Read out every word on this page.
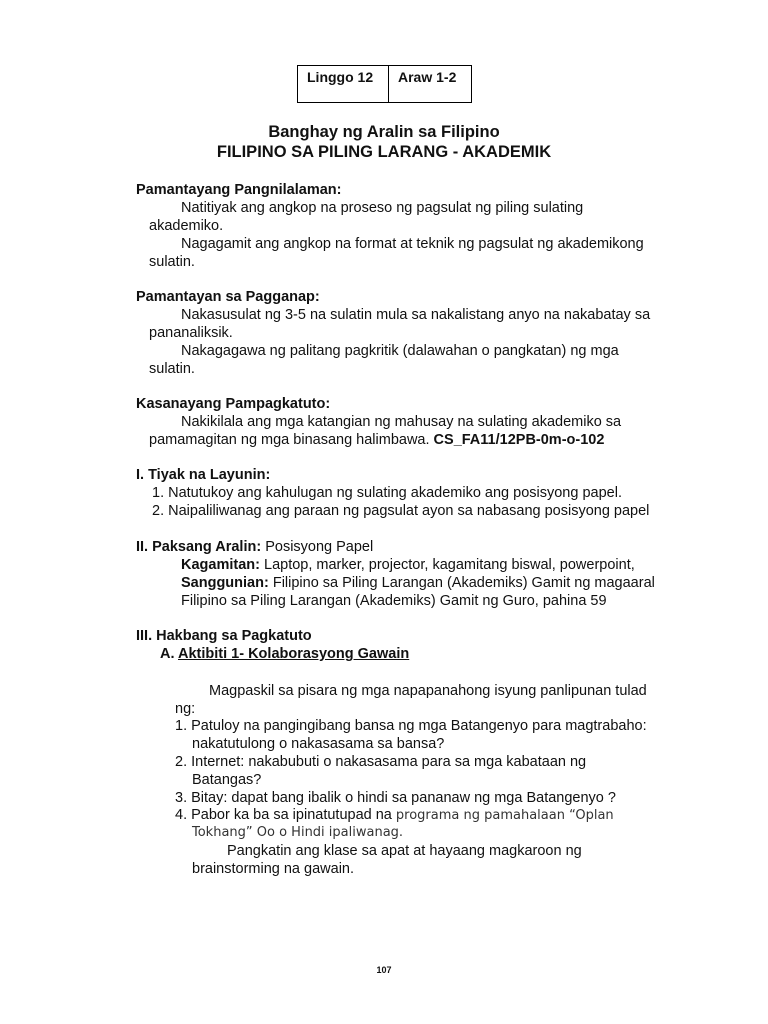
Linggo 12	Araw 1-2
Banghay ng Aralin sa Filipino
FILIPINO SA PILING LARANG - AKADEMIK
Pamantayang Pangnilalaman:
Natitiyak ang angkop na proseso ng pagsulat ng piling sulating
akademiko.
Nagagamit ang angkop na format at teknik ng pagsulat ng akademikong
sulatin.
Pamantayan sa Pagganap:
Nakasusulat ng 3-5 na sulatin mula sa nakalistang anyo na nakabatay sa
pananaliksik.
Nakagagawa ng palitang pagkritik (dalawahan o pangkatan) ng mga
sulatin.
Kasanayang Pampagkatuto:
Nakikilala ang mga katangian ng mahusay na sulating akademiko sa
pamamagitan ng mga binasang halimbawa. CS_FA11/12PB-0m-o-102
I. Tiyak na Layunin:
1. Natutukoy ang kahulugan ng sulating akademiko ang posisyong papel.
2. Naipaliliwanag ang paraan ng pagsulat ayon sa nabasang posisyong papel
II. Paksang Aralin: Posisyong Papel
Kagamitan: Laptop, marker, projector, kagamitang biswal, powerpoint,
Sanggunian: Filipino sa Piling Larangan (Akademiks) Gamit ng magaaral
Filipino sa Piling Larangan (Akademiks) Gamit ng Guro, pahina 59
III. Hakbang sa Pagkatuto
A. Aktibiti 1- Kolaborasyong Gawain
Magpaskil sa pisara ng mga napapanahong isyung panlipunan tulad
ng:
1. Patuloy na pangingibang bansa ng mga Batangenyo para magtrabaho:
nakatutulong o nakasasama sa bansa?
2. Internet: nakabubuti o nakasasama para sa mga kabataan ng
Batangas?
3. Bitay: dapat bang ibalik o hindi sa pananaw ng mga Batangenyo ?
4. Pabor ka ba sa ipinatutupad na programa ng pamahalaan “Oplan
Tokhang” Oo o Hindi ipaliwanag.
Pangkatin ang klase sa apat at hayaang magkaroon ng
brainstorming na gawain.
107
